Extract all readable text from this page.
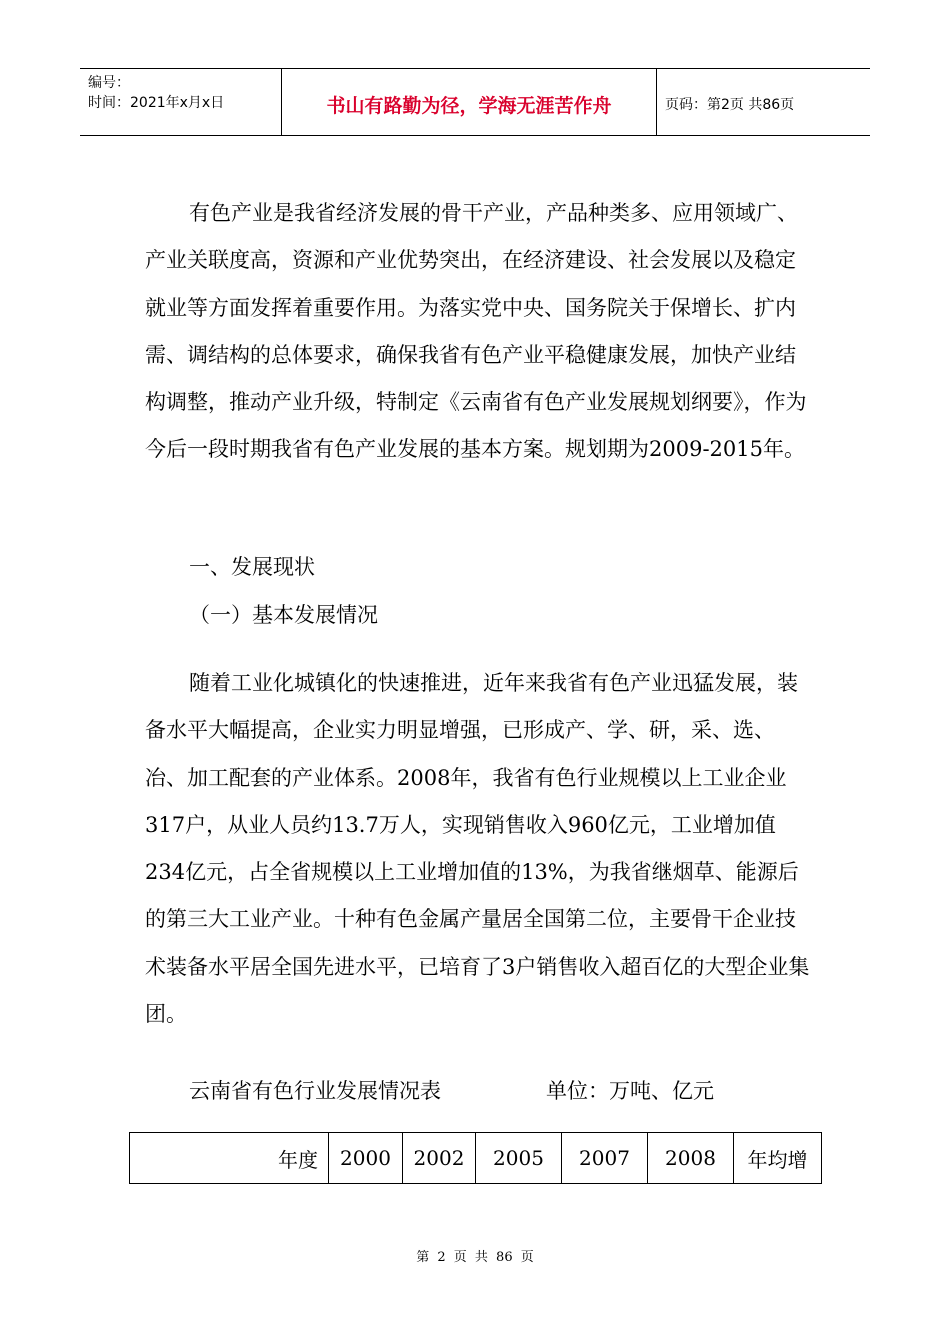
编号：
时间：2021年x月x日	书山有路勤为径，学海无涯苦作舟	页码：第2页 共86页

有色产业是我省经济发展的骨干产业，产品种类多、应用领域广、产业关联度高，资源和产业优势突出，在经济建设、社会发展以及稳定就业等方面发挥着重要作用。为落实党中央、国务院关于保增长、扩内需、调结构的总体要求，确保我省有色产业平稳健康发展，加快产业结构调整，推动产业升级，特制定《云南省有色产业发展规划纲要》，作为今后一段时期我省有色产业发展的基本方案。规划期为2009-2015年。

一、发展现状
（一）基本发展情况

随着工业化城镇化的快速推进，近年来我省有色产业迅猛发展，装备水平大幅提高，企业实力明显增强，已形成产、学、研，采、选、冶、加工配套的产业体系。2008年，我省有色行业规模以上工业企业317户，从业人员约13.7万人，实现销售收入960亿元，工业增加值234亿元，占全省规模以上工业增加值的13%，为我省继烟草、能源后的第三大工业产业。十种有色金属产量居全国第二位，主要骨干企业技术装备水平居全国先进水平，已培育了3户销售收入超百亿的大型企业集团。

云南省有色行业发展情况表	单位：万吨、亿元
年度	2000	2002	2005	2007	2008	年均增
第 2 页 共 86 页
